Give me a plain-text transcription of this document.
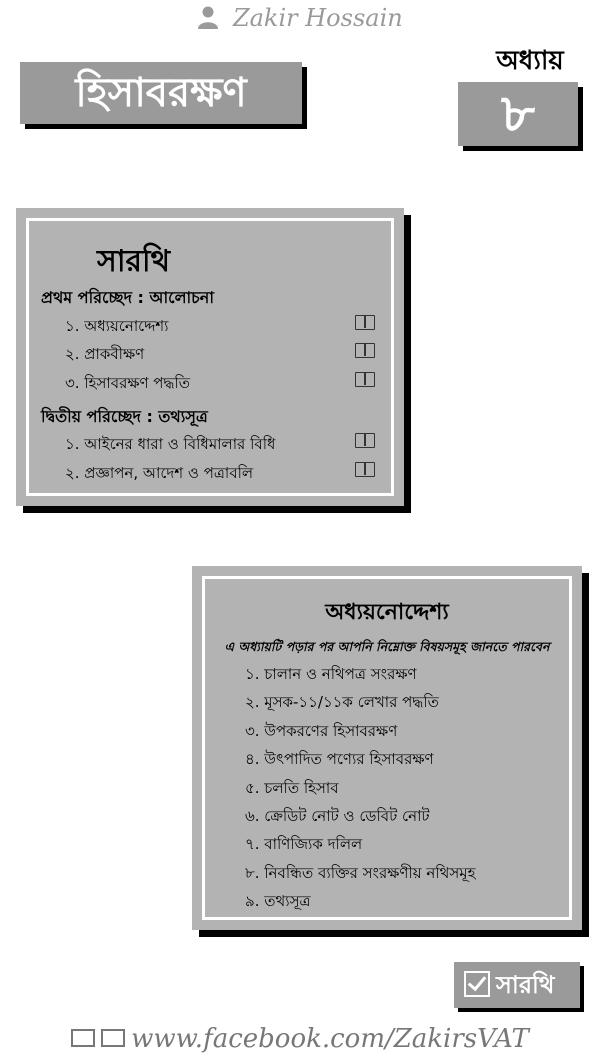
Zakir Hossain
হিসাবরক্ষণ
অধ্যায়
৮
সারথি
প্রথম পরিচ্ছেদ : আলোচনা
১. অধ্যয়নোদ্দেশ্য
২. প্রাকবীক্ষণ
৩. হিসাবরক্ষণ পদ্ধতি
দ্বিতীয় পরিচ্ছেদ : তথ্যসূত্র
১. আইনের ধারা ও বিধিমালার বিধি
২. প্রজ্ঞাপন, আদেশ ও পত্রাবলি
অধ্যয়নোদ্দেশ্য
এ অধ্যায়টি পড়ার পর আপনি নিম্নোক্ত বিষয়সমূহ জানতে পারবেন
১. চালান ও নথিপত্র সংরক্ষণ
২. মূসক-১১/১১ক লেখার পদ্ধতি
৩. উপকরণের হিসাবরক্ষণ
৪. উৎপাদিত পণ্যের হিসাবরক্ষণ
৫. চলতি হিসাব
৬. ক্রেডিট নোট ও ডেবিট নোট
৭. বাণিজ্যিক দলিল
৮. নিবন্ধিত ব্যক্তির সংরক্ষণীয় নথিসমূহ
৯. তথ্যসূত্র
সারথি
www.facebook.com/ZakirsVAT
